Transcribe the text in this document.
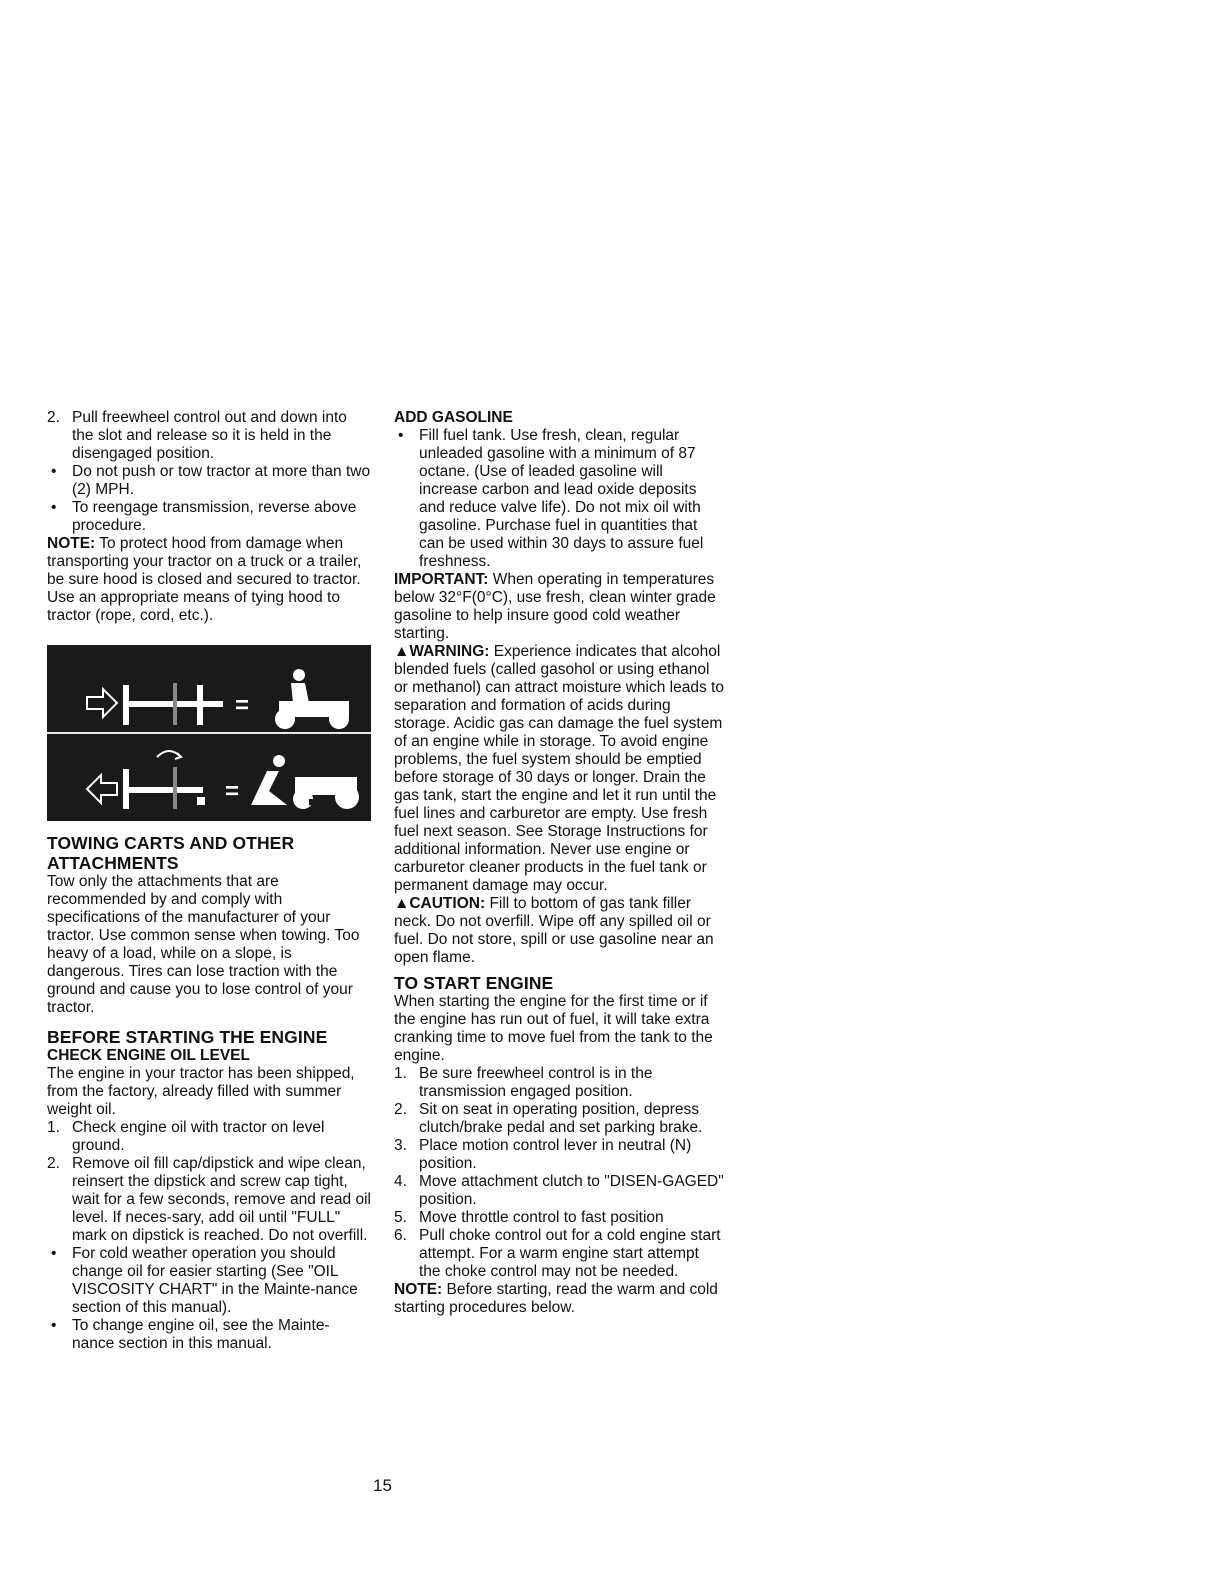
2. Pull freewheel control out and down into the slot and release so it is held in the disengaged position.
• Do not push or tow tractor at more than two (2) MPH.
• To reengage transmission, reverse above procedure.

NOTE: To protect hood from damage when transporting your tractor on a truck or a trailer, be sure hood is closed and secured to tractor. Use an appropriate means of tying hood to tractor (rope, cord, etc.).

=
=

TOWING CARTS AND OTHER
ATTACHMENTS

Tow only the attachments that are recommended by and comply with specifications of the manufacturer of your tractor. Use common sense when towing. Too heavy of a load, while on a slope, is dangerous. Tires can lose traction with the ground and cause you to lose control of your tractor.

BEFORE STARTING THE ENGINE

CHECK ENGINE OIL LEVEL

The engine in your tractor has been shipped, from the factory, already filled with summer weight oil.

1. Check engine oil with tractor on level ground.
2. Remove oil fill cap/dipstick and wipe clean, reinsert the dipstick and screw cap tight, wait for a few seconds, remove and read oil level. If neces-sary, add oil until "FULL" mark on dipstick is reached. Do not overfill.
• For cold weather operation you should change oil for easier starting (See "OIL VISCOSITY CHART" in the Mainte-nance section of this manual).
• To change engine oil, see the Mainte-nance section in this manual.

ADD GASOLINE

• Fill fuel tank. Use fresh, clean, regular unleaded gasoline with a minimum of 87 octane. (Use of leaded gasoline will increase carbon and lead oxide deposits and reduce valve life). Do not mix oil with gasoline. Purchase fuel in quantities that can be used within 30 days to assure fuel freshness.

IMPORTANT: When operating in temperatures below 32°F(0°C), use fresh, clean winter grade gasoline to help insure good cold weather starting.

▲WARNING: Experience indicates that alcohol blended fuels (called gasohol or using ethanol or methanol) can attract moisture which leads to separation and formation of acids during storage. Acidic gas can damage the fuel system of an engine while in storage. To avoid engine problems, the fuel system should be emptied before storage of 30 days or longer. Drain the gas tank, start the engine and let it run until the fuel lines and carburetor are empty. Use fresh fuel next season. See Storage Instructions for additional information. Never use engine or carburetor cleaner products in the fuel tank or permanent damage may occur.

▲CAUTION: Fill to bottom of gas tank filler neck. Do not overfill. Wipe off any spilled oil or fuel. Do not store, spill or use gasoline near an open flame.

TO START ENGINE

When starting the engine for the first time or if the engine has run out of fuel, it will take extra cranking time to move fuel from the tank to the engine.

1. Be sure freewheel control is in the transmission engaged position.
2. Sit on seat in operating position, depress clutch/brake pedal and set parking brake.
3. Place motion control lever in neutral (N) position.
4. Move attachment clutch to "DISEN-GAGED" position.
5. Move throttle control to fast position
6. Pull choke control out for a cold engine start attempt. For a warm engine start attempt the choke control may not be needed.

NOTE: Before starting, read the warm and cold starting procedures below.

15
